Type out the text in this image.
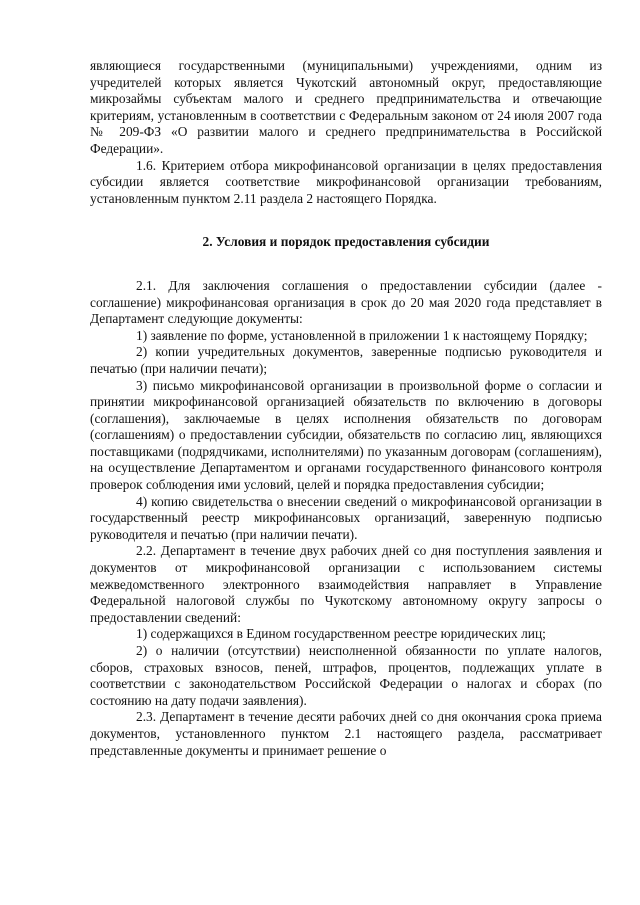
являющиеся государственными (муниципальными) учреждениями, одним из учредителей которых является Чукотский автономный округ, предоставляющие микрозаймы субъектам малого и среднего предпринимательства и отвечающие критериям, установленным в соответствии с Федеральным законом от 24 июля 2007 года № 209-ФЗ «О развитии малого и среднего предпринимательства в Российской Федерации».

1.6. Критерием отбора микрофинансовой организации в целях предоставления субсидии является соответствие микрофинансовой организации требованиям, установленным пунктом 2.11 раздела 2 настоящего Порядка.

2. Условия и порядок предоставления субсидии

2.1. Для заключения соглашения о предоставлении субсидии (далее - соглашение) микрофинансовая организация в срок до 20 мая 2020 года представляет в Департамент следующие документы:

1) заявление по форме, установленной в приложении 1 к настоящему Порядку;

2) копии учредительных документов, заверенные подписью руководителя и печатью (при наличии печати);

3) письмо микрофинансовой организации в произвольной форме о согласии и принятии микрофинансовой организацией обязательств по включению в договоры (соглашения), заключаемые в целях исполнения обязательств по договорам (соглашениям) о предоставлении субсидии, обязательств по согласию лиц, являющихся поставщиками (подрядчиками, исполнителями) по указанным договорам (соглашениям), на осуществление Департаментом и органами государственного финансового контроля проверок соблюдения ими условий, целей и порядка предоставления субсидии;

4) копию свидетельства о внесении сведений о микрофинансовой организации в государственный реестр микрофинансовых организаций, заверенную подписью руководителя и печатью (при наличии печати).

2.2. Департамент в течение двух рабочих дней со дня поступления заявления и документов от микрофинансовой организации с использованием системы межведомственного электронного взаимодействия направляет в Управление Федеральной налоговой службы по Чукотскому автономному округу запросы о предоставлении сведений:

1) содержащихся в Едином государственном реестре юридических лиц;

2) о наличии (отсутствии) неисполненной обязанности по уплате налогов, сборов, страховых взносов, пеней, штрафов, процентов, подлежащих уплате в соответствии с законодательством Российской Федерации о налогах и сборах (по состоянию на дату подачи заявления).

2.3. Департамент в течение десяти рабочих дней со дня окончания срока приема документов, установленного пунктом 2.1 настоящего раздела, рассматривает представленные документы и принимает решение о
